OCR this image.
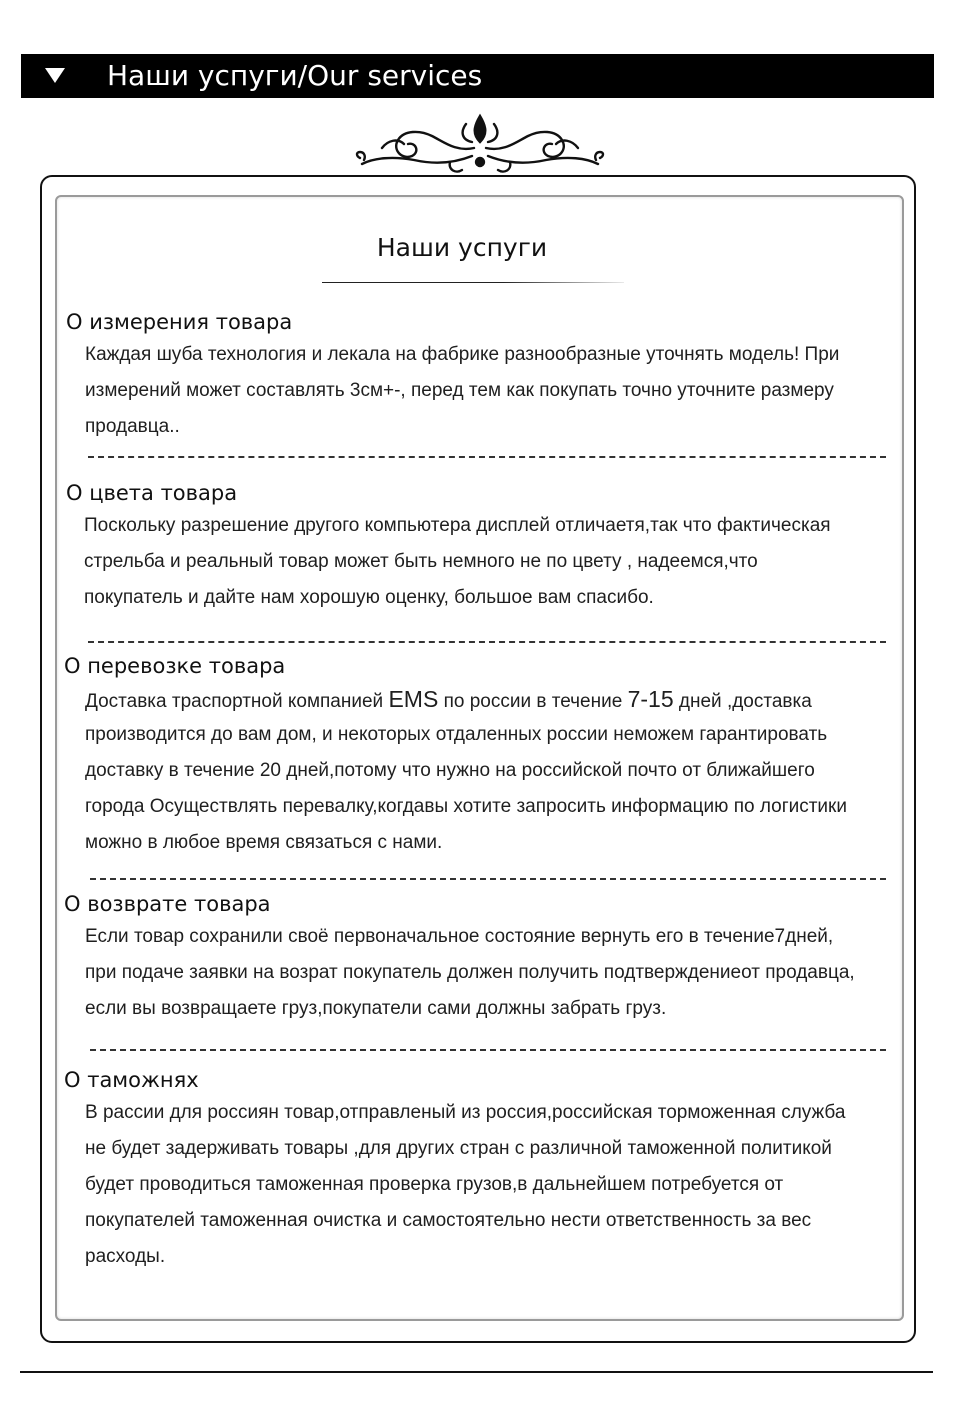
Наши успуги/Our services
Наши успуги
О измерения товара
Каждая шуба технология и лекала на фабрике разнообразные уточнять модель! При
измерений может составлять 3см+-, перед тем как покупать точно уточните размеру
продавца..
О цвета товара
Поскольку разрешение другого компьютера дисплей отличаетя,так что фактическая
стрельба и реальный товар может быть немного не по цвету , надеемся,что
покупатель и дайте нам хорошую оценку, большое вам спасибо.
О перевозке товара
Доставка траспортной компанией EMS по россии в течение 7-15 дней ,доставка
производится до вам дом, и некоторых отдаленных россии неможем гарантировать
доставку в течение 20 дней,потому что нужно на российской почто от ближайшего
города Осуществлять перевалку,когдавы хотите запросить информацию по логистики
можно в любое время связаться с нами.
О возврате товара
Если товар сохранили своё первоначальное состояние вернуть его в течение7дней,
при подаче заявки на возрат покупатель должен получить подтверждениеот продавца,
если вы возвращаете груз,покупатели сами должны забрать груз.
О таможнях
В рассии для россиян товар,отправленый из россия,российская торможенная служба
не будет задерживать товары ,для других стран с различной таможенной политикой
будет проводиться таможенная проверка грузов,в дальнейшем потребуется от
покупателей таможенная очистка и самостоятельно нести ответственность за вес
расходы.
